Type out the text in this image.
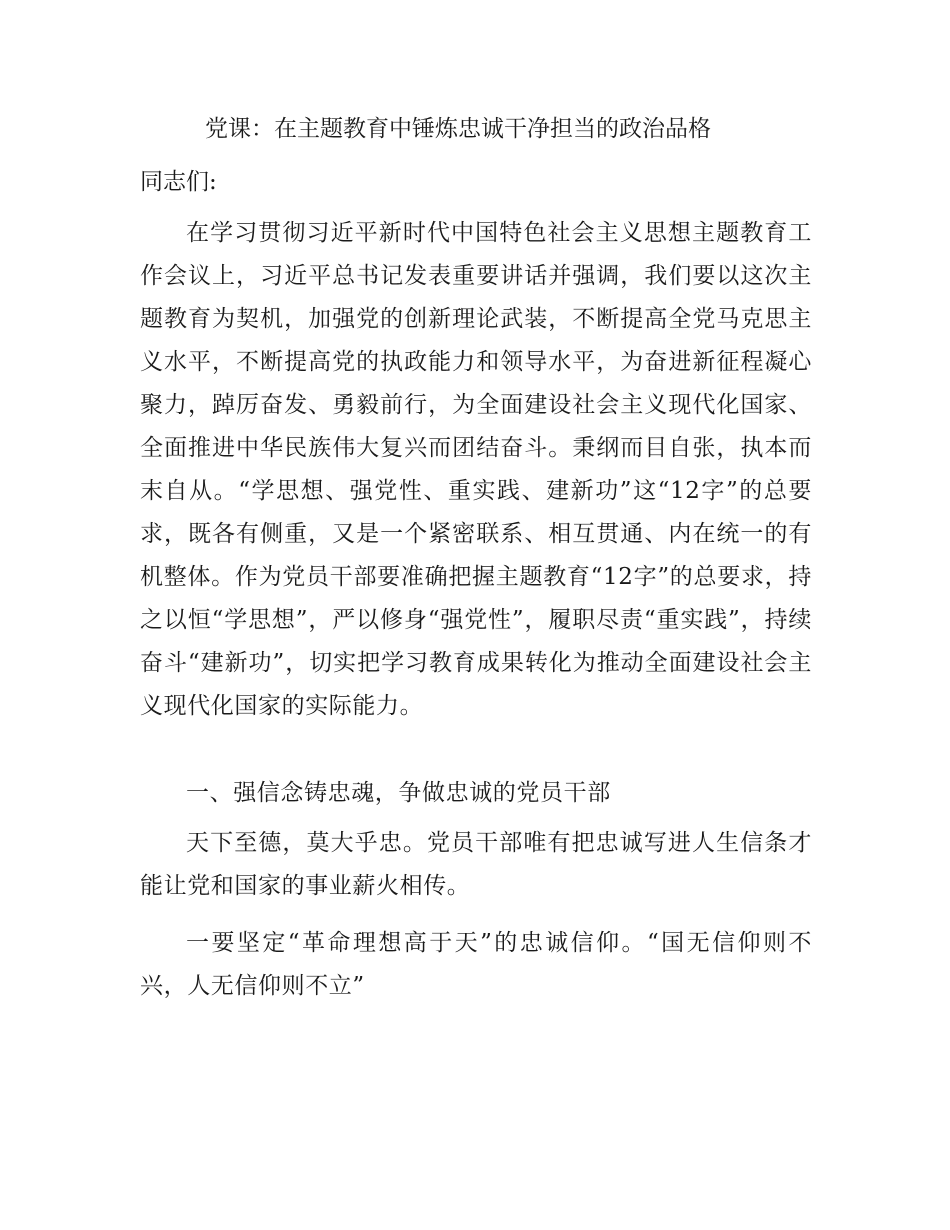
党课：在主题教育中锤炼忠诚干净担当的政治品格
同志们:

在学习贯彻习近平新时代中国特色社会主义思想主题教育工作会议上，习近平总书记发表重要讲话并强调，我们要以这次主题教育为契机，加强党的创新理论武装，不断提高全党马克思主义水平，不断提高党的执政能力和领导水平，为奋进新征程凝心聚力，踔厉奋发、勇毅前行，为全面建设社会主义现代化国家、全面推进中华民族伟大复兴而团结奋斗。秉纲而目自张，执本而末自从。“学思想、强党性、重实践、建新功”这“12字”的总要求，既各有侧重，又是一个紧密联系、相互贯通、内在统一的有机整体。作为党员干部要准确把握主题教育“12字”的总要求，持之以恒“学思想”，严以修身“强党性”，履职尽责“重实践”，持续奋斗“建新功”，切实把学习教育成果转化为推动全面建设社会主义现代化国家的实际能力。

一、强信念铸忠魂，争做忠诚的党员干部

天下至德，莫大乎忠。党员干部唯有把忠诚写进人生信条才能让党和国家的事业薪火相传。

一要坚定“革命理想高于天”的忠诚信仰。“国无信仰则不兴，人无信仰则不立”
